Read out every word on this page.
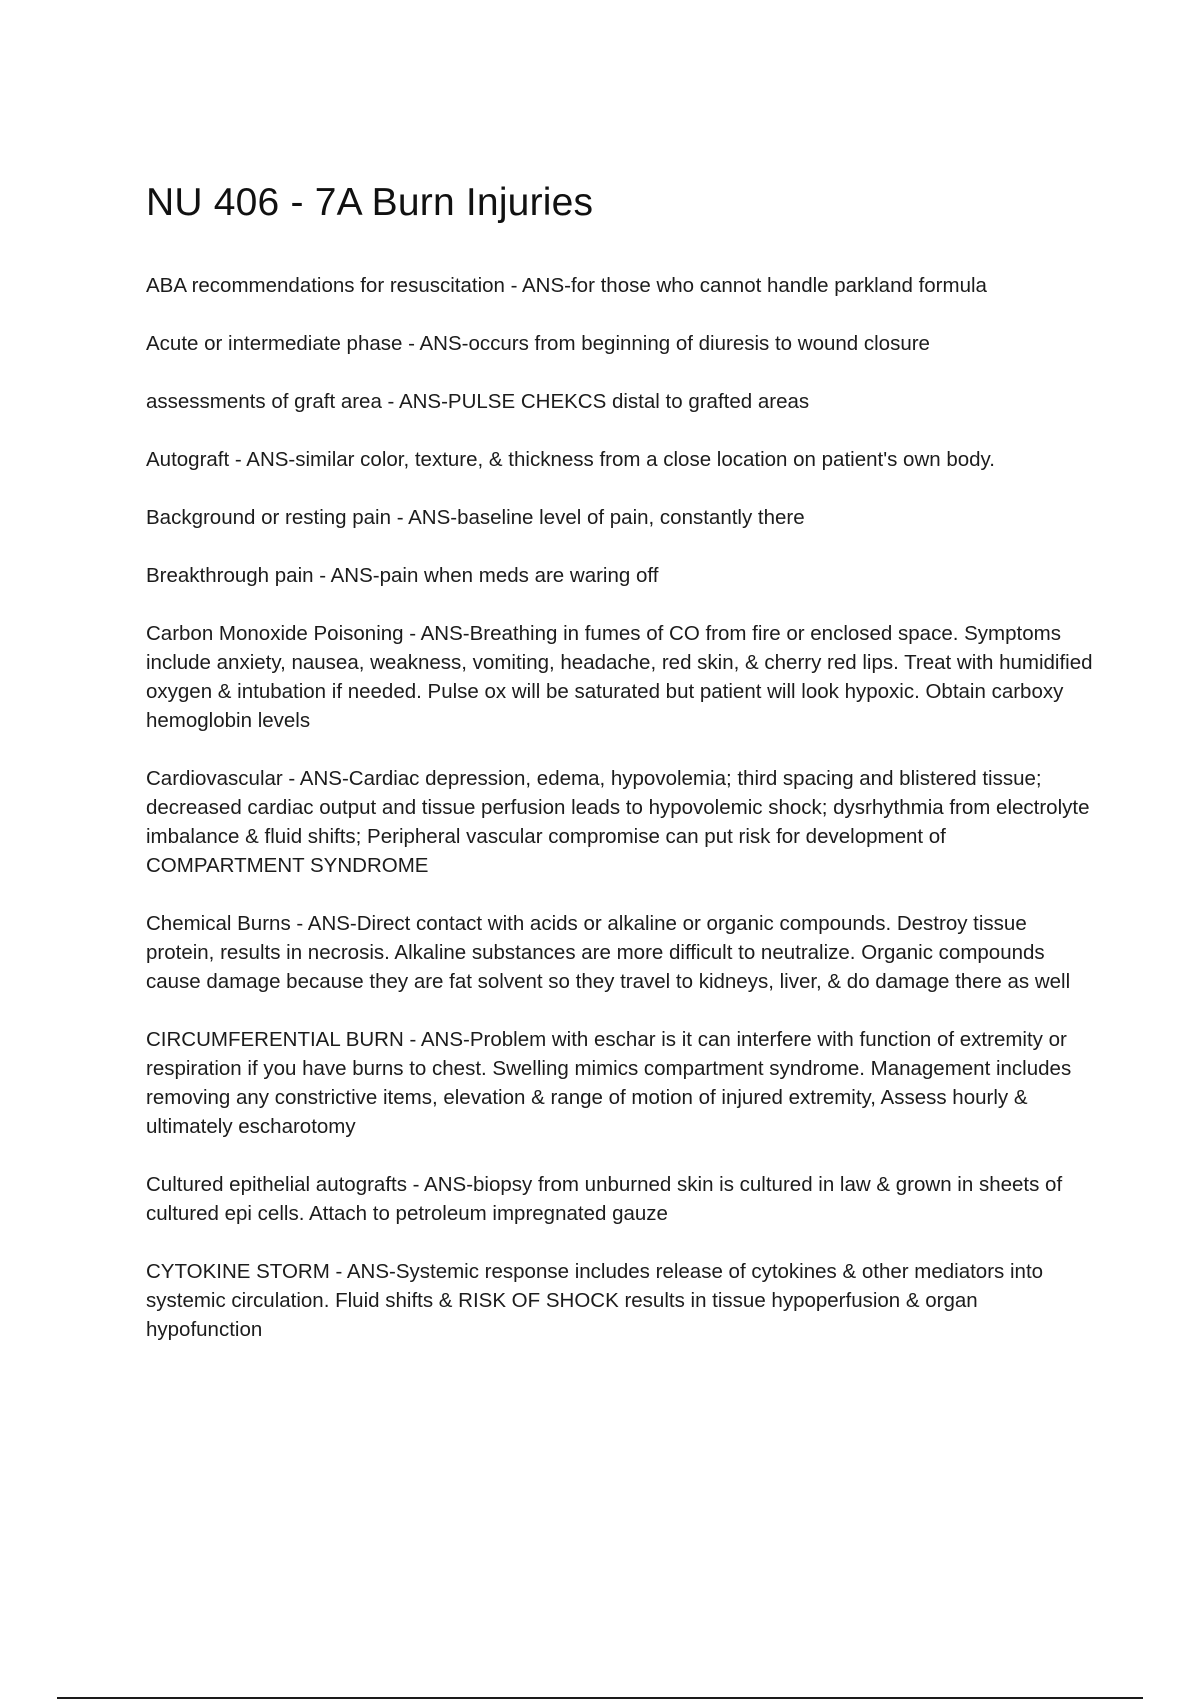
NU 406 - 7A Burn Injuries

ABA recommendations for resuscitation - ANS-for those who cannot handle parkland formula

Acute or intermediate phase - ANS-occurs from beginning of diuresis to wound closure

assessments of graft area - ANS-PULSE CHEKCS distal to grafted areas

Autograft - ANS-similar color, texture, & thickness from a close location on patient's own body.

Background or resting pain - ANS-baseline level of pain, constantly there

Breakthrough pain - ANS-pain when meds are waring off

Carbon Monoxide Poisoning - ANS-Breathing in fumes of CO from fire or enclosed space. Symptoms include anxiety, nausea, weakness, vomiting, headache, red skin, & cherry red lips. Treat with humidified oxygen & intubation if needed. Pulse ox will be saturated but patient will look hypoxic. Obtain carboxy hemoglobin levels

Cardiovascular - ANS-Cardiac depression, edema, hypovolemia; third spacing and blistered tissue; decreased cardiac output and tissue perfusion leads to hypovolemic shock; dysrhythmia from electrolyte imbalance & fluid shifts; Peripheral vascular compromise can put risk for development of COMPARTMENT SYNDROME

Chemical Burns - ANS-Direct contact with acids or alkaline or organic compounds. Destroy tissue protein, results in necrosis. Alkaline substances are more difficult to neutralize. Organic compounds cause damage because they are fat solvent so they travel to kidneys, liver, & do damage there as well

CIRCUMFERENTIAL BURN - ANS-Problem with eschar is it can interfere with function of extremity or respiration if you have burns to chest. Swelling mimics compartment syndrome. Management includes removing any constrictive items, elevation & range of motion of injured extremity, Assess hourly & ultimately escharotomy

Cultured epithelial autografts - ANS-biopsy from unburned skin is cultured in law & grown in sheets of cultured epi cells. Attach to petroleum impregnated gauze

CYTOKINE STORM - ANS-Systemic response includes release of cytokines & other mediators into systemic circulation. Fluid shifts & RISK OF SHOCK results in tissue hypoperfusion & organ hypofunction
